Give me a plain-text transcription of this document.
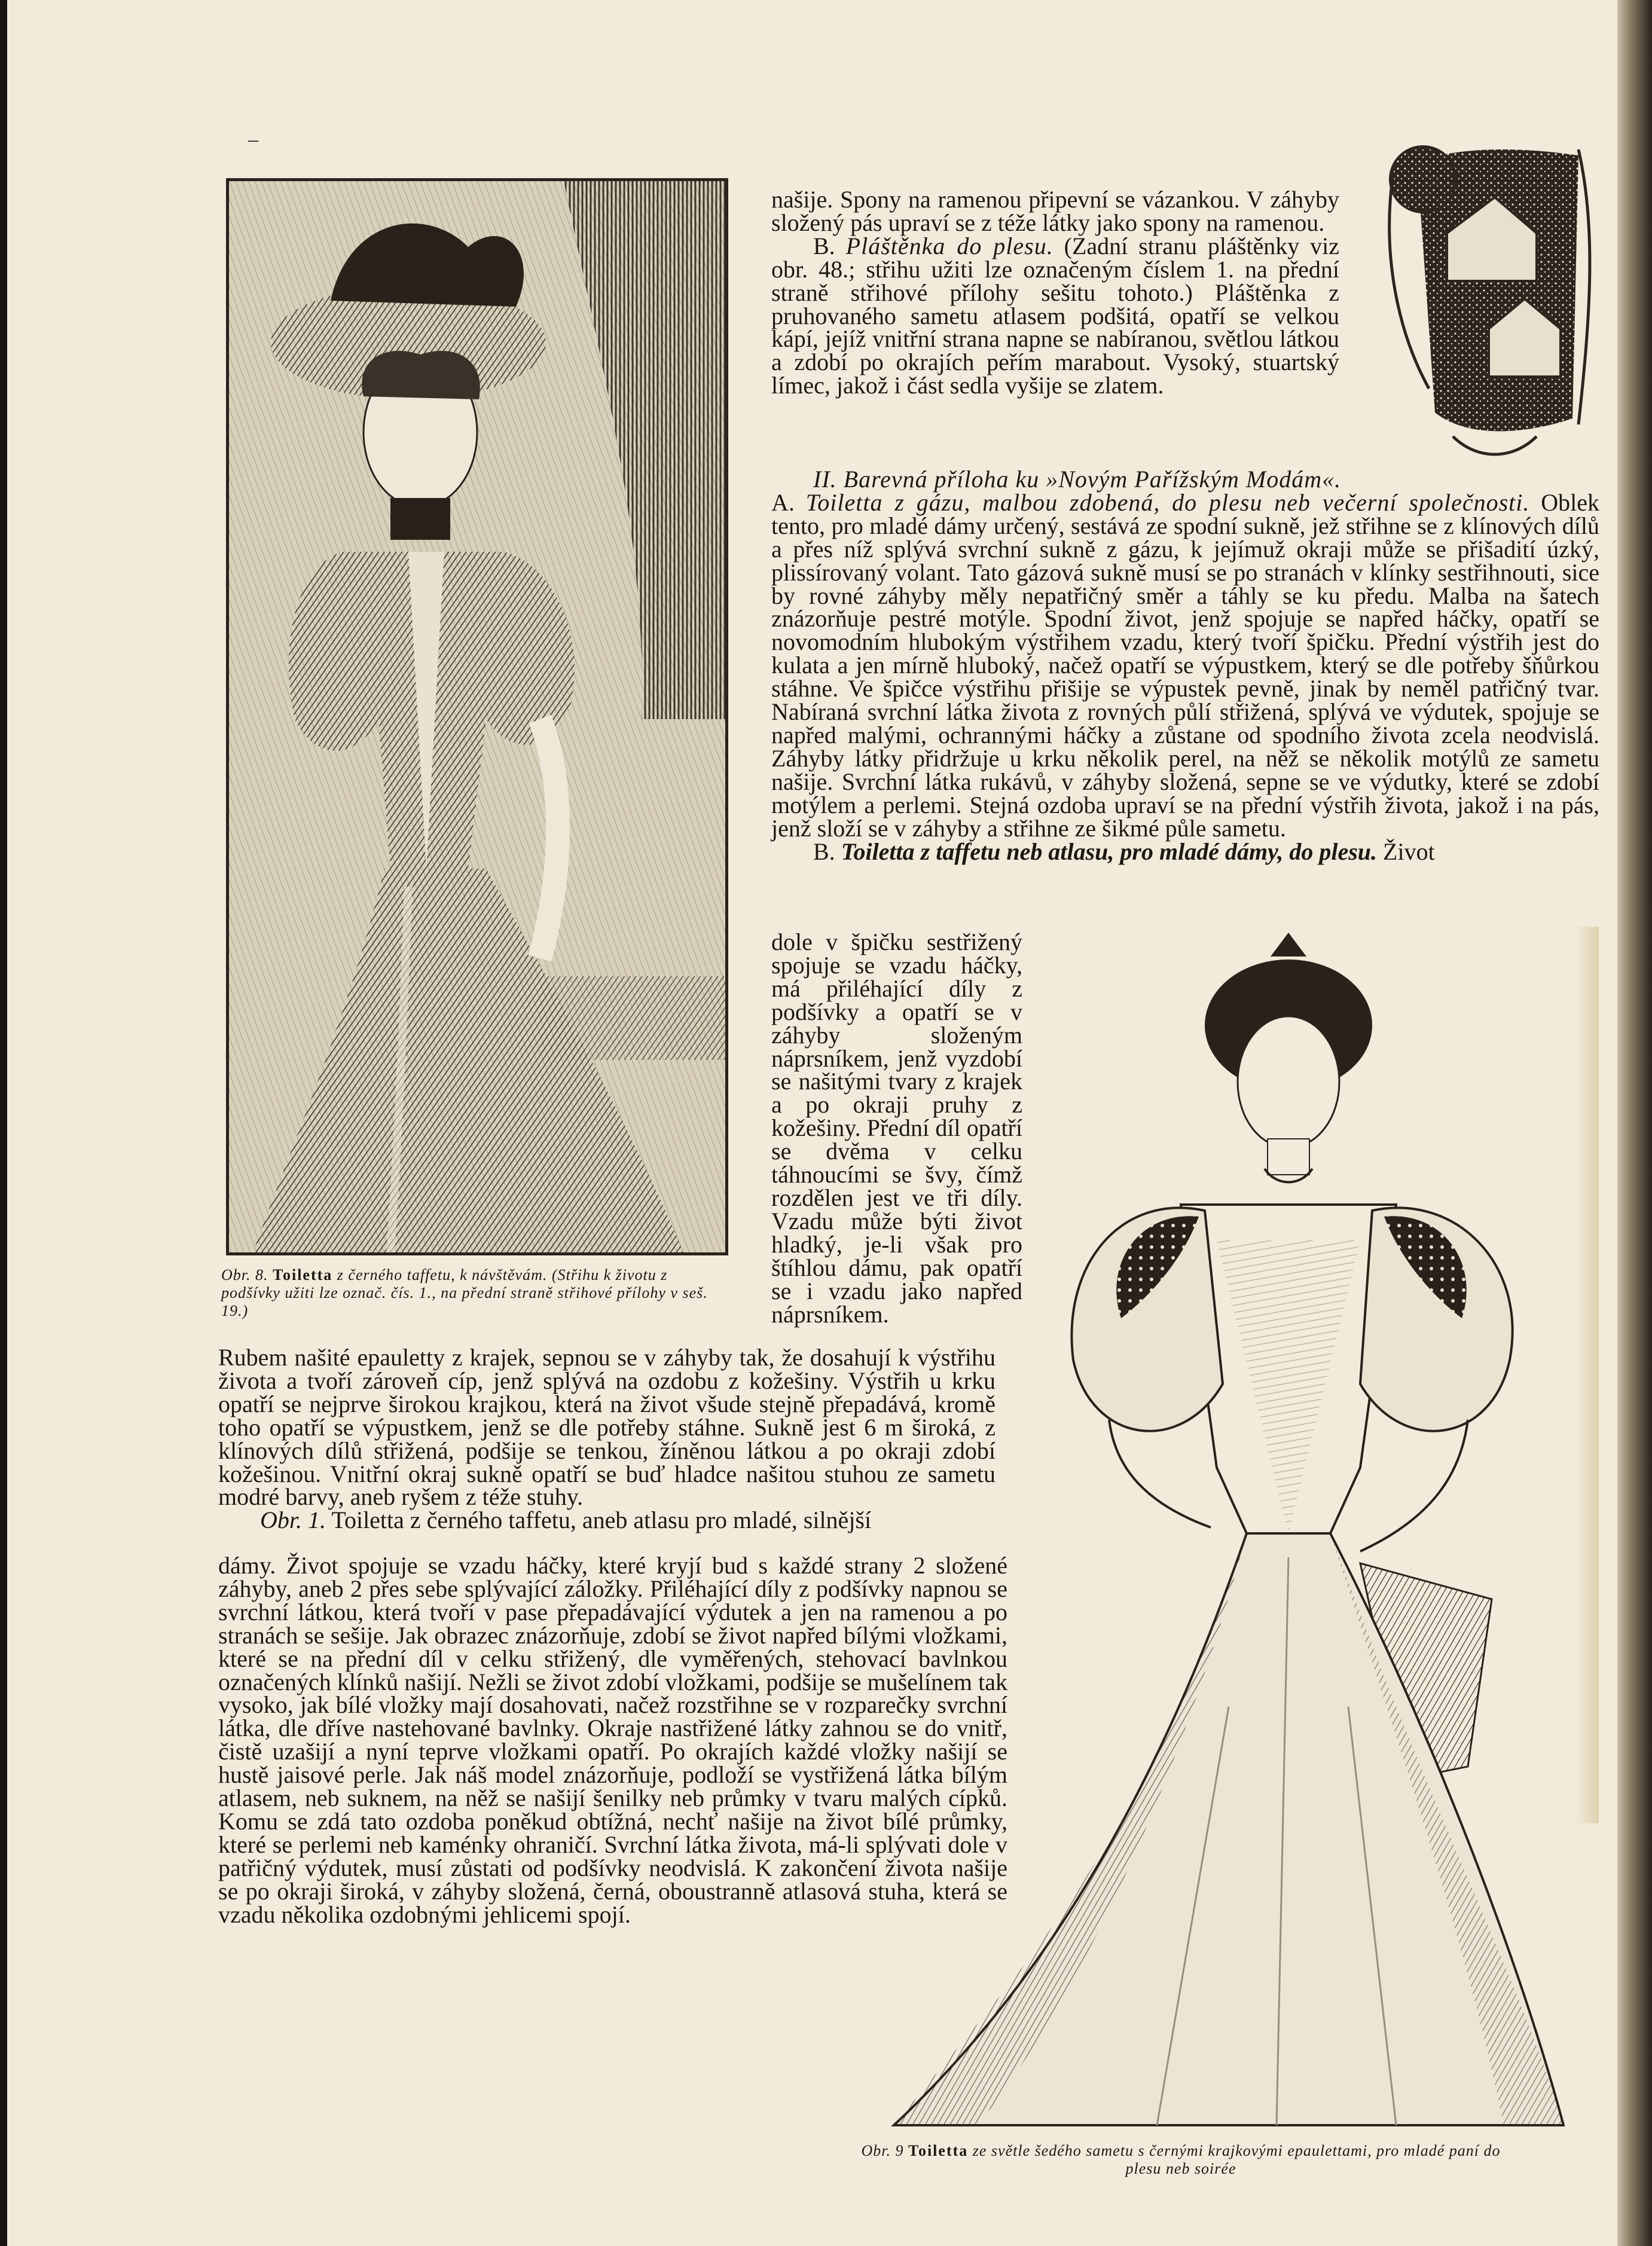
–
Obr. 8. Toiletta z černého taffetu, k návštěvám. (Střihu k životu z podšívky užiti lze označ. čís. 1., na přední straně střihové přílohy v seš. 19.)

našije. Spony na ramenou připevní se vázankou. V záhyby složený pás upraví se z téže látky jako spony na ramenou.

B. Pláštěnka do plesu. (Zadní stranu pláštěnky viz obr. 48.; střihu užiti lze označeným číslem 1. na přední straně střihové přílohy sešitu tohoto.) Pláštěnka z pruhovaného sametu atlasem podšitá, opatří se velkou kápí, jejíž vnitřní strana napne se nabíranou, světlou látkou a zdobí po okrajích peřím marabout. Vysoký, stuartský límec, jakož i část sedla vyšije se zlatem.

II. Barevná příloha ku »Novým Pařížským Modám«.

A. Toiletta z gázu, malbou zdobená, do plesu neb večerní společnosti. Oblek tento, pro mladé dámy určený, sestává ze spodní sukně, jež střihne se z klínových dílů a přes níž splývá svrchní sukně z gázu, k jejímuž okraji může se přišadití úzký, plissírovaný volant. Tato gázová sukně musí se po stranách v klínky sestřihnouti, sice by rovné záhyby měly nepatřičný směr a táhly se ku předu. Malba na šatech znázorňuje pestré motýle. Spodní život, jenž spojuje se napřed háčky, opatří se novomodním hlubokým výstřihem vzadu, který tvoří špičku. Přední výstřih jest do kulata a jen mírně hluboký, načež opatří se výpustkem, který se dle potřeby šňůrkou stáhne. Ve špičce výstřihu přišije se výpustek pevně, jinak by neměl patřičný tvar. Nabíraná svrchní látka života z rovných půlí střižená, splývá ve výdutek, spojuje se napřed malými, ochrannými háčky a zůstane od spodního života zcela neodvislá. Záhyby látky přidržuje u krku několik perel, na něž se několik motýlů ze sametu našije. Svrchní látka rukávů, v záhyby složená, sepne se ve výdutky, které se zdobí motýlem a perlemi. Stejná ozdoba upraví se na přední výstřih života, jakož i na pás, jenž složí se v záhyby a střihne ze šikmé půle sametu.

B. Toiletta z taffetu neb atlasu, pro mladé dámy, do plesu. Život

dole v špičku sestřižený spojuje se vzadu háčky, má přiléhající díly z podšívky a opatří se v záhyby složeným náprsníkem, jenž vyzdobí se našitými tvary z krajek a po okraji pruhy z kožešiny. Přední díl opatří se dvěma v celku táhnoucími se švy, čímž rozdělen jest ve tři díly. Vzadu může býti život hladký, je-li však pro štíhlou dámu, pak opatří se i vzadu jako napřed náprsníkem.

Rubem našité epauletty z krajek, sepnou se v záhyby tak, že dosahují k výstřihu života a tvoří zároveň cíp, jenž splývá na ozdobu z kožešiny. Výstřih u krku opatří se nejprve širokou krajkou, která na život všude stejně přepadává, kromě toho opatří se výpustkem, jenž se dle potřeby stáhne. Sukně jest 6 m široká, z klínových dílů střižená, podšije se tenkou, žíněnou látkou a po okraji zdobí kožešinou. Vnitřní okraj sukně opatří se buď hladce našitou stuhou ze sametu modré barvy, aneb ryšem z téže stuhy.

Obr. 1. Toiletta z černého taffetu, aneb atlasu pro mladé, silnější

dámy. Život spojuje se vzadu háčky, které kryjí bud s každé strany 2 složené záhyby, aneb 2 přes sebe splývající záložky. Přiléhající díly z podšívky napnou se svrchní látkou, která tvoří v pase přepadávající výdutek a jen na ramenou a po stranách se sešije. Jak obrazec znázorňuje, zdobí se život napřed bílými vložkami, které se na přední díl v celku střižený, dle vyměřených, stehovací bavlnkou označených klínků našijí. Nežli se život zdobí vložkami, podšije se mušelínem tak vysoko, jak bílé vložky mají dosahovati, načež rozstřihne se v rozparečky svrchní látka, dle dříve nastehované bavlnky. Okraje nastřižené látky zahnou se do vnitř, čistě uzašijí a nyní teprve vložkami opatří. Po okrajích každé vložky našijí se hustě jaisové perle. Jak náš model znázorňuje, podloží se vystřižená látka bílým atlasem, neb suknem, na něž se našijí šenilky neb průmky v tvaru malých cípků. Komu se zdá tato ozdoba poněkud obtížná, nechť našije na život bílé průmky, které se perlemi neb kaménky ohraničí. Svrchní látka života, má-li splývati dole v patřičný výdutek, musí zůstati od podšívky neodvislá. K zakončení života našije se po okraji široká, v záhyby složená, černá, oboustranně atlasová stuha, která se vzadu několika ozdobnými jehlicemi spojí.

Obr. 9 Toiletta ze světle šedého sametu s černými krajkovými epaulettami, pro mladé paní do plesu neb soirée
